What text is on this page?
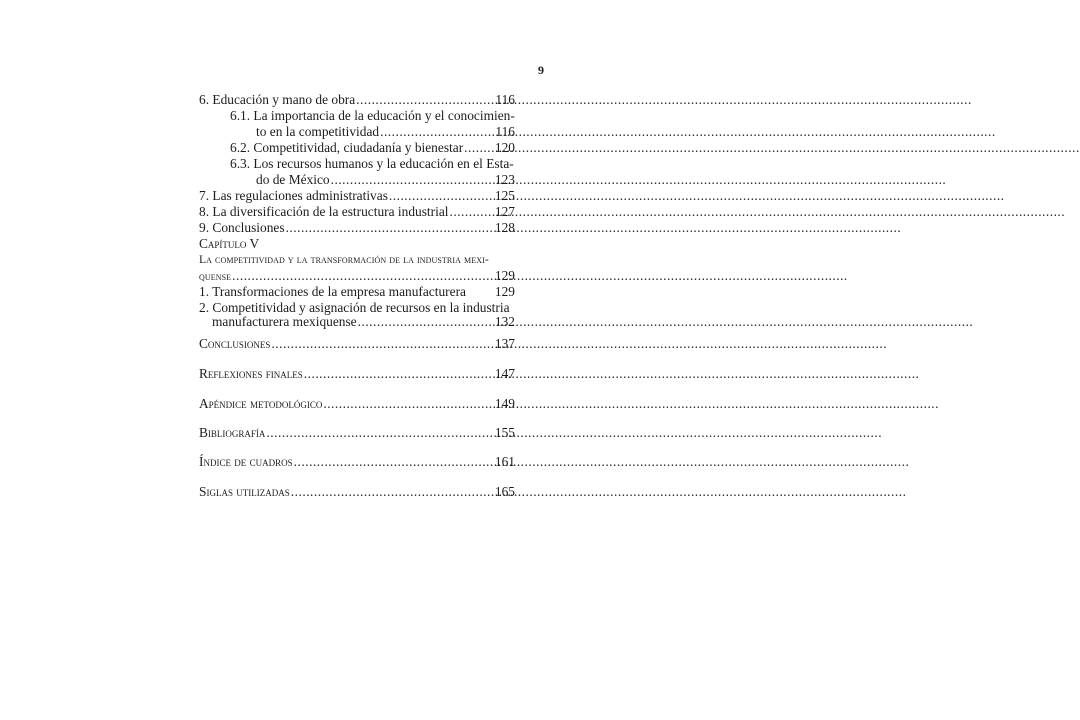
9
6. Educación y mano de obra .....	116
6.1. La importancia de la educación y el conocimien-
to en la competitividad .....	116
6.2. Competitividad, ciudadanía y bienestar .....	120
6.3. Los recursos humanos y la educación en el Esta-
do de México .....	123
7. Las regulaciones administrativas .....	125
8. La diversificación de la estructura industrial .....	127
9. Conclusiones .....	128
Capítulo V
La competitividad y la transformación de la industria mexi-
quense .....	129
1. Transformaciones de la empresa manufacturera	129
2. Competitividad y asignación de recursos en la industria
manufacturera mexiquense .....	132
Conclusiones .....	137
Reflexiones finales .....	147
Apéndice metodológico .....	149
Bibliografía .....	155
Índice de cuadros .....	161
Siglas utilizadas .....	165
